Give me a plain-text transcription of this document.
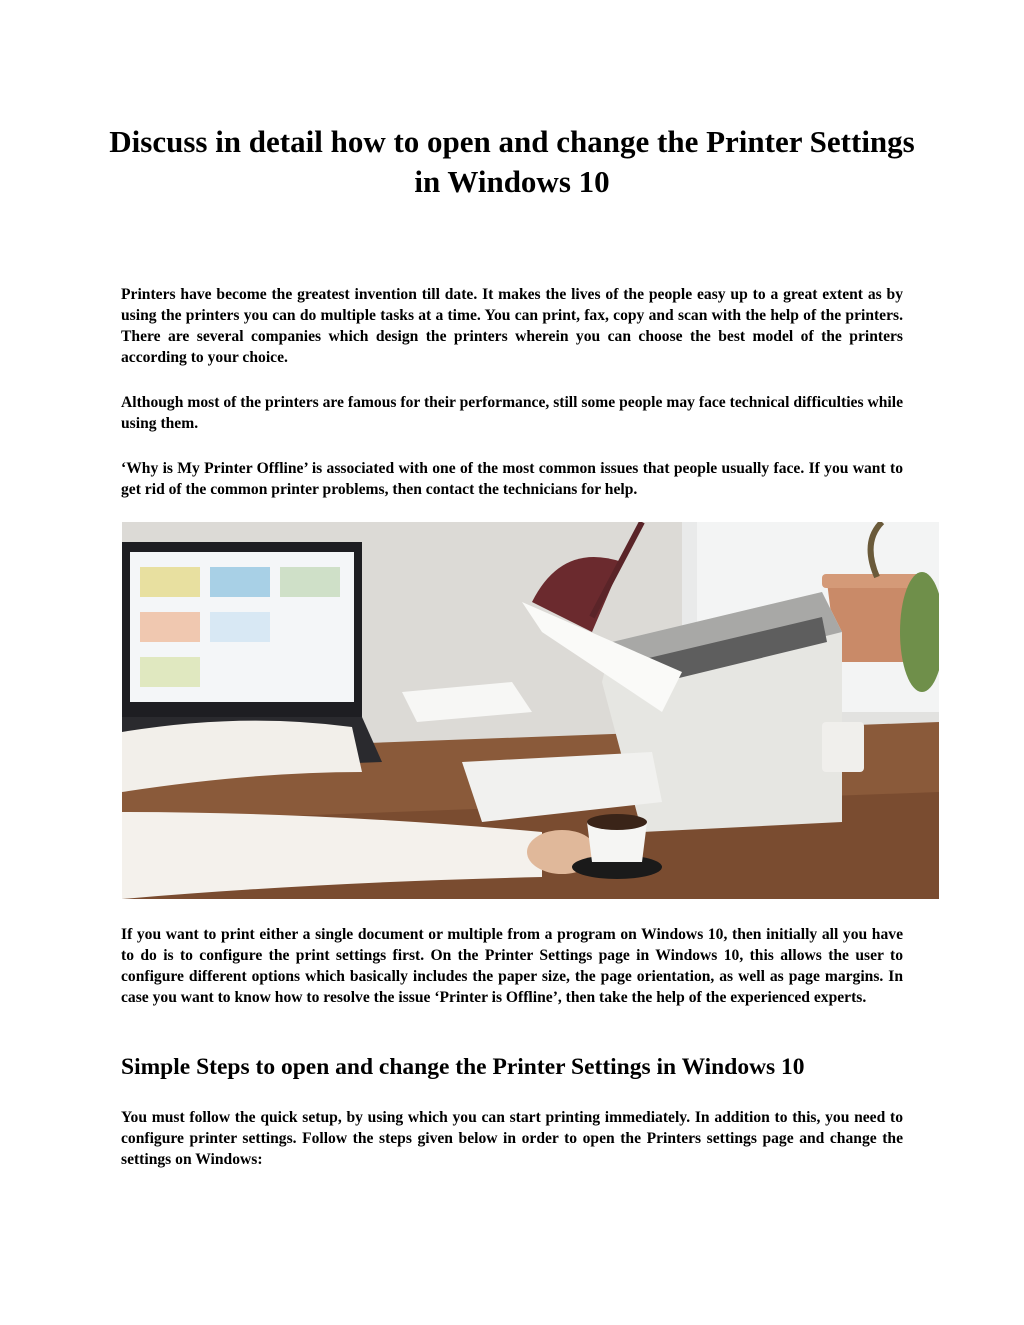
Discuss in detail how to open and change the Printer Settings in Windows 10

Printers have become the greatest invention till date. It makes the lives of the people easy up to a great extent as by using the printers you can do multiple tasks at a time. You can print, fax, copy and scan with the help of the printers. There are several companies which design the printers wherein you can choose the best model of the printers according to your choice.

Although most of the printers are famous for their performance, still some people may face technical difficulties while using them.

‘Why is My Printer Offline’ is associated with one of the most common issues that people usually face. If you want to get rid of the common printer problems, then contact the technicians for help.

If you want to print either a single document or multiple from a program on Windows 10, then initially all you have to do is to configure the print settings first. On the Printer Settings page in Windows 10, this allows the user to configure different options which basically includes the paper size, the page orientation, as well as page margins. In case you want to know how to resolve the issue ‘Printer is Offline’, then take the help of the experienced experts.

Simple Steps to open and change the Printer Settings in Windows 10

You must follow the quick setup, by using which you can start printing immediately. In addition to this, you need to configure printer settings. Follow the steps given below in order to open the Printers settings page and change the settings on Windows:
